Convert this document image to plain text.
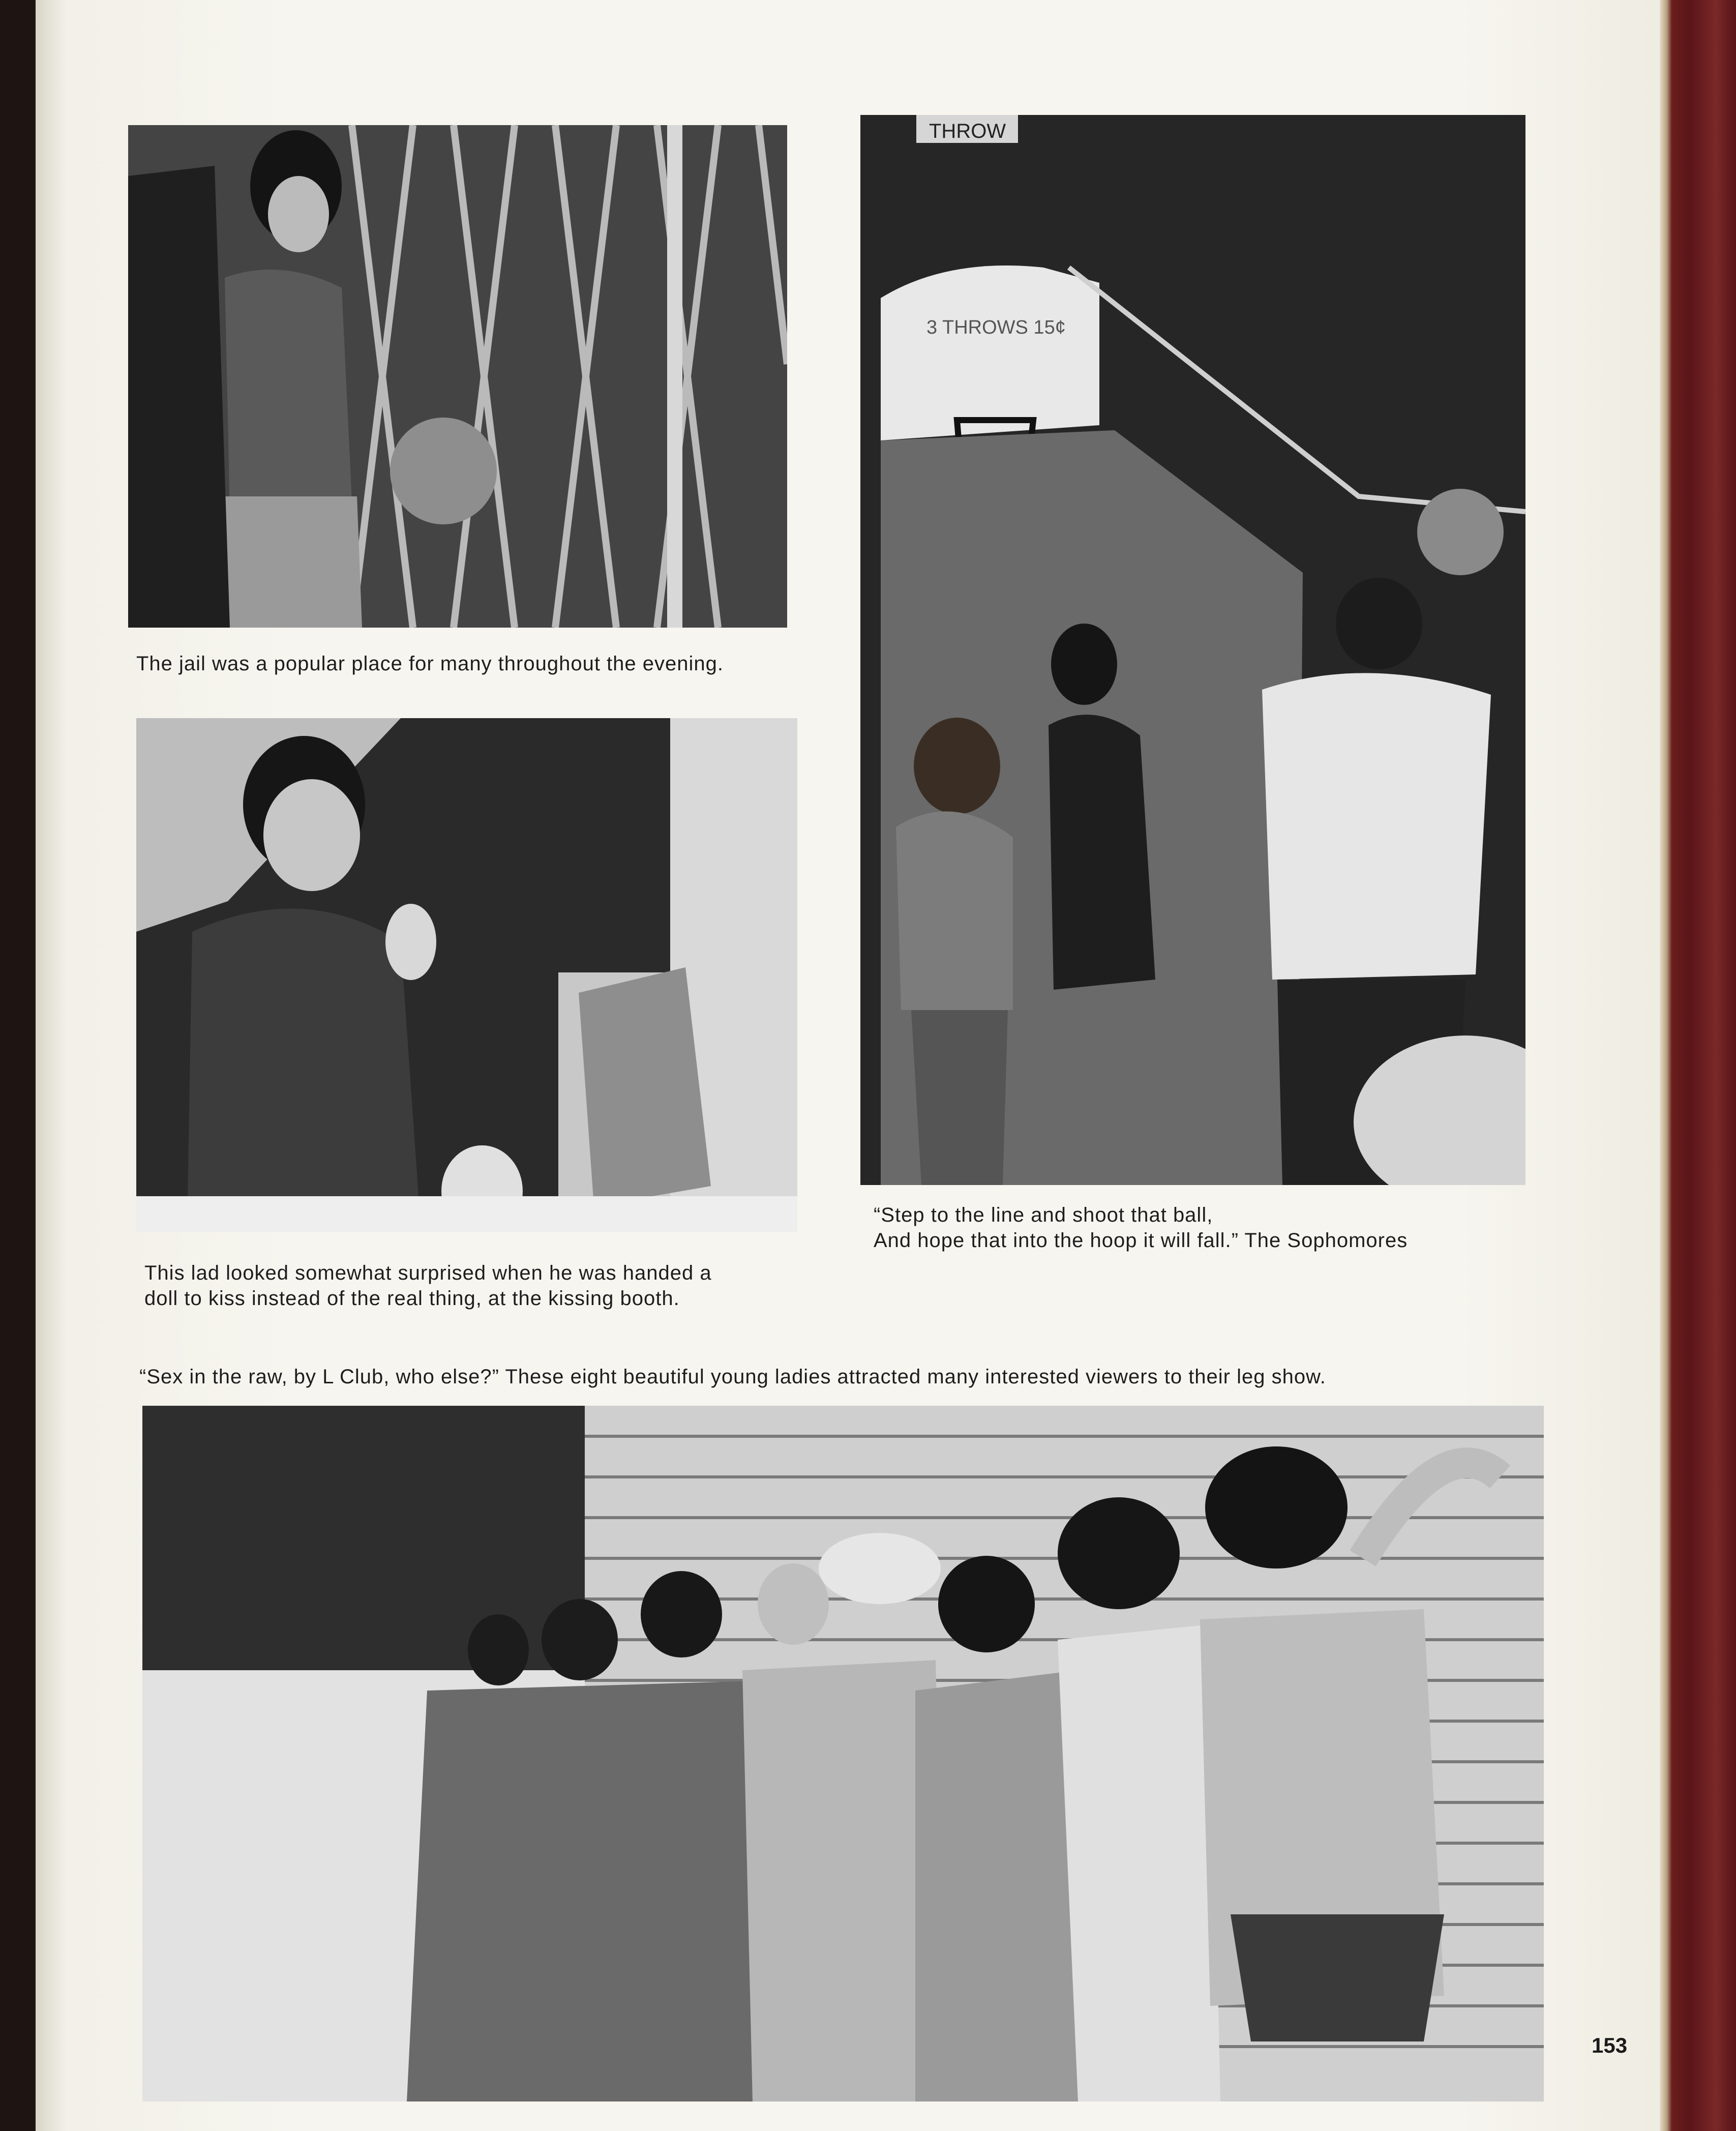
The jail was a popular place for many throughout the evening.
THROW
3 THROWS 15¢
“Step to the line and shoot that ball,
And hope that into the hoop it will fall.” The Sophomores
This lad looked somewhat surprised when he was handed a
doll to kiss instead of the real thing, at the kissing booth.
“Sex in the raw, by L Club, who else?” These eight beautiful young ladies attracted many interested viewers to their leg show.
153
